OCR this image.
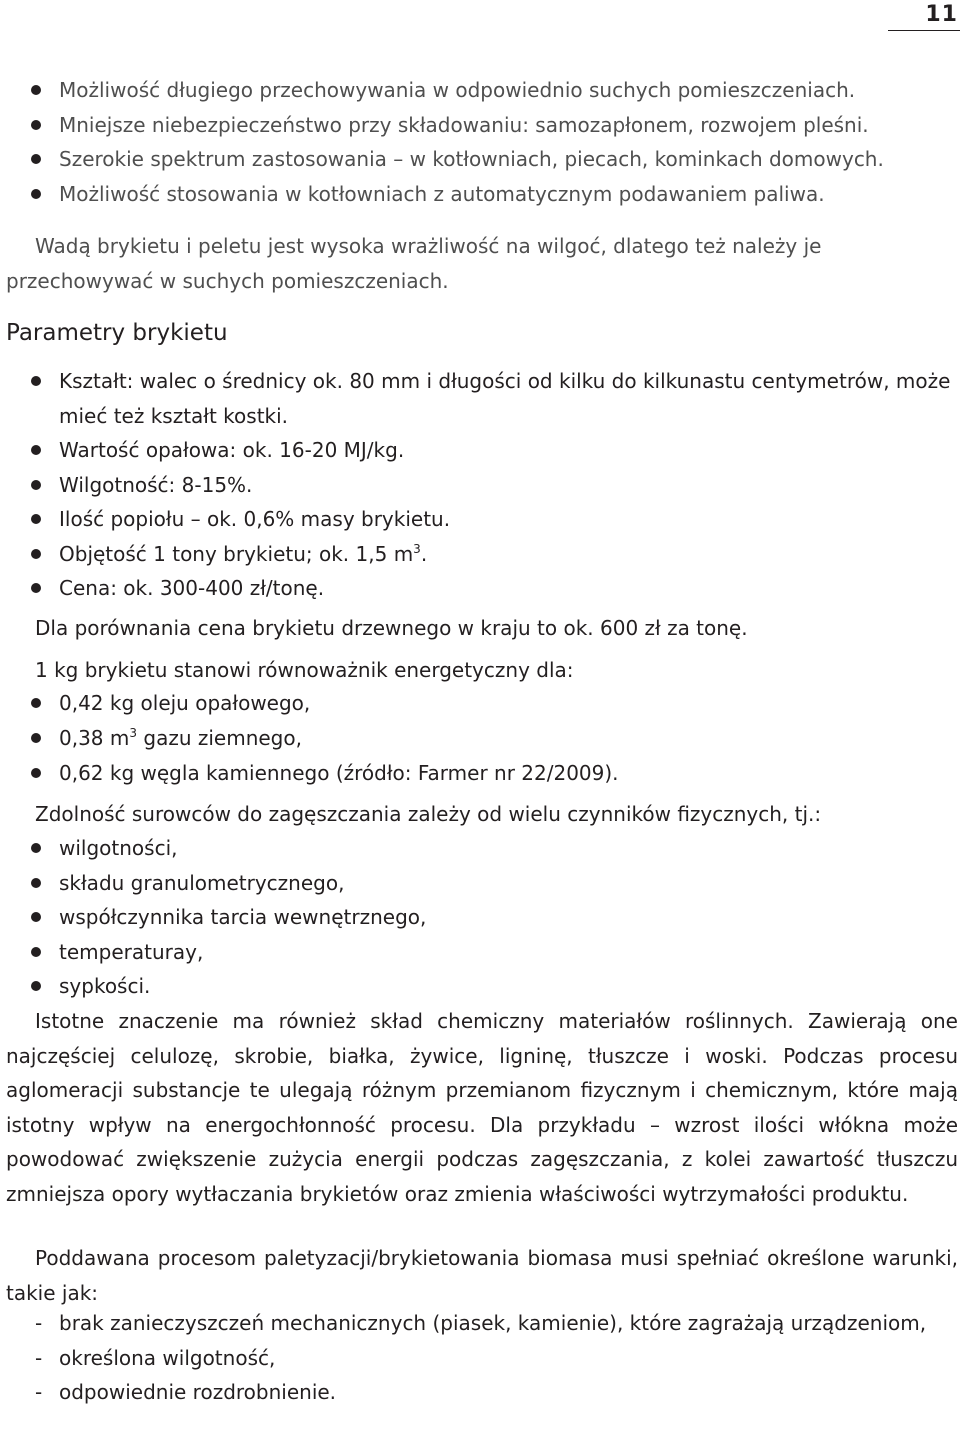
11
Możliwość długiego przechowywania w odpowiednio suchych pomieszczeniach.
Mniejsze niebezpieczeństwo przy składowaniu: samozapłonem, rozwojem pleśni.
Szerokie spektrum zastosowania – w kotłowniach, piecach, kominkach domowych.
Możliwość stosowania w kotłowniach z automatycznym podawaniem paliwa.

Wadą brykietu i peletu jest wysoka wrażliwość na wilgoć, dlatego też należy je przechowywać w suchych pomieszczeniach.

Parametry brykietu
Kształt: walec o średnicy ok. 80 mm i długości od kilku do kilkunastu centymetrów, może mieć też kształt kostki.
Wartość opałowa: ok. 16-20 MJ/kg.
Wilgotność: 8-15%.
Ilość popiołu – ok. 0,6% masy brykietu.
Objętość 1 tony brykietu; ok. 1,5 $m^3$.
Cena: ok. 300-400 zł/tonę.

Dla porównania cena brykietu drzewnego w kraju to ok. 600 zł za tonę.

1 kg brykietu stanowi równoważnik energetyczny dla:

0,42 kg oleju opałowego,
0,38 $m^3$ gazu ziemnego,
0,62 kg węgla kamiennego (źródło: Farmer nr 22/2009).

Zdolność surowców do zagęszczania zależy od wielu czynników fizycznych, tj.:

wilgotności,
składu granulometrycznego,
współczynnika tarcia wewnętrznego,
temperaturay,
sypkości.

Istotne znaczenie ma również skład chemiczny materiałów roślinnych. Zawierają one najczęściej celulozę, skrobie, białka, żywice, ligninę, tłuszcze i woski. Podczas procesu aglomeracji substancje te ulegają różnym przemianom fizycznym i chemicznym, które mają istotny wpływ na energochłonność procesu. Dla przykładu – wzrost ilości włókna może powodować zwiększenie zużycia energii podczas zagęszczania, z kolei zawartość tłuszczu zmniejsza opory wytłaczania brykietów oraz zmienia właściwości wytrzymałości produktu.

Poddawana procesom paletyzacji/brykietowania biomasa musi spełniać określone warunki, takie jak:

- brak zanieczyszczeń mechanicznych (piasek, kamienie), które zagrażają urządzeniom,
- określona wilgotność,
- odpowiednie rozdrobnienie.
